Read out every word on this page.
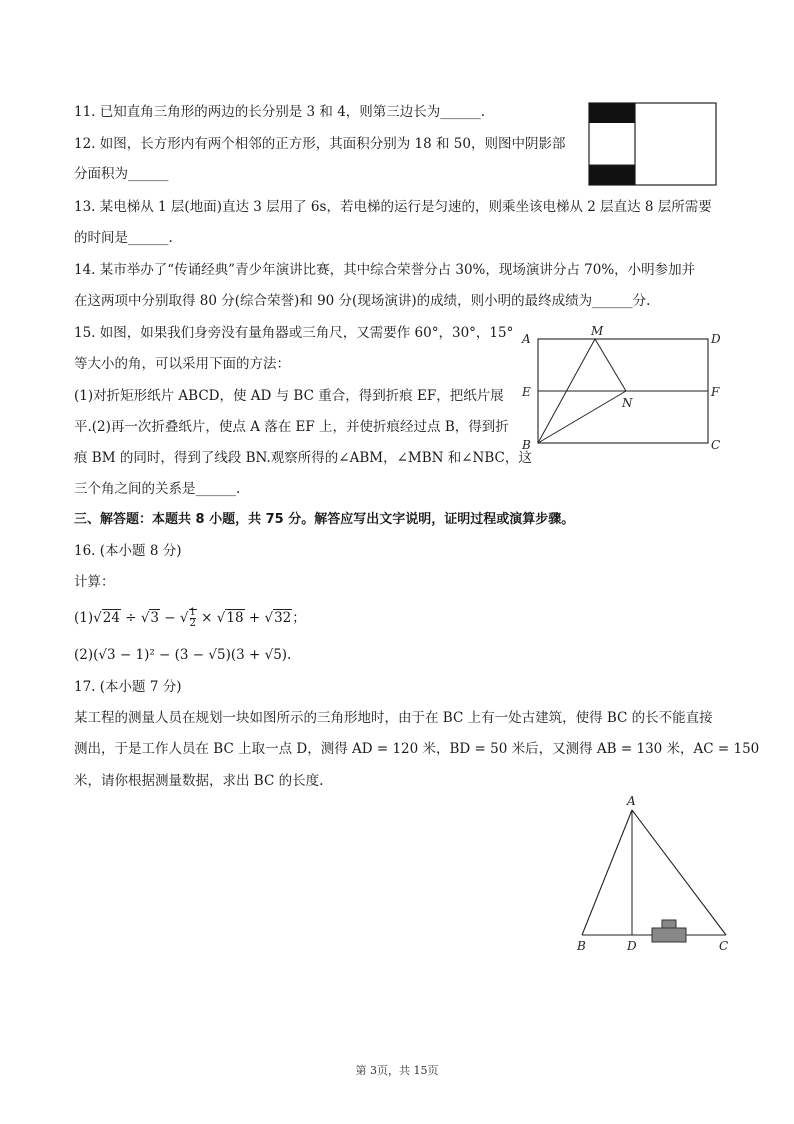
11. 已知直角三角形的两边的长分别是 3 和 4，则第三边长为______.
12. 如图，长方形内有两个相邻的正方形，其面积分别为 18 和 50，则图中阴影部
分面积为______
13. 某电梯从 1 层(地面)直达 3 层用了 6s，若电梯的运行是匀速的，则乘坐该电梯从 2 层直达 8 层所需要
的时间是______.
14. 某市举办了“传诵经典”青少年演讲比赛，其中综合荣誉分占 30%，现场演讲分占 70%，小明参加并
在这两项中分别取得 80 分(综合荣誉)和 90 分(现场演讲)的成绩，则小明的最终成绩为______分.
15. 如图，如果我们身旁没有量角器或三角尺，又需要作 60°，30°，15°
等大小的角，可以采用下面的方法：
(1)对折矩形纸片 ABCD，使 AD 与 BC 重合，得到折痕 EF，把纸片展
平.(2)再一次折叠纸片，使点 A 落在 EF 上，并使折痕经过点 B，得到折
痕 BM 的同时，得到了线段 BN.观察所得的∠ABM，∠MBN 和∠NBC，这
三个角之间的关系是______.
A
M
D
E
N
F
B	C
三、解答题：本题共 8 小题，共 75 分。解答应写出文字说明，证明过程或演算步骤。
16. (本小题 8 分)
计算：
(1)√24 ÷ √3 − √ $\frac{1}{2} \times √18 + √32$；
(2)(√3 − 1)² − (3 − √5)(3 + √5).
17. (本小题 7 分)
某工程的测量人员在规划一块如图所示的三角形地时，由于在 BC 上有一处古建筑，使得 BC 的长不能直接
测出，于是工作人员在 BC 上取一点 D，测得 AD = 120 米，BD = 50 米后，又测得 AB = 130 米，AC = 150
米，请你根据测量数据，求出 BC 的长度.
A
B	D	C
第 3页，共 15页
